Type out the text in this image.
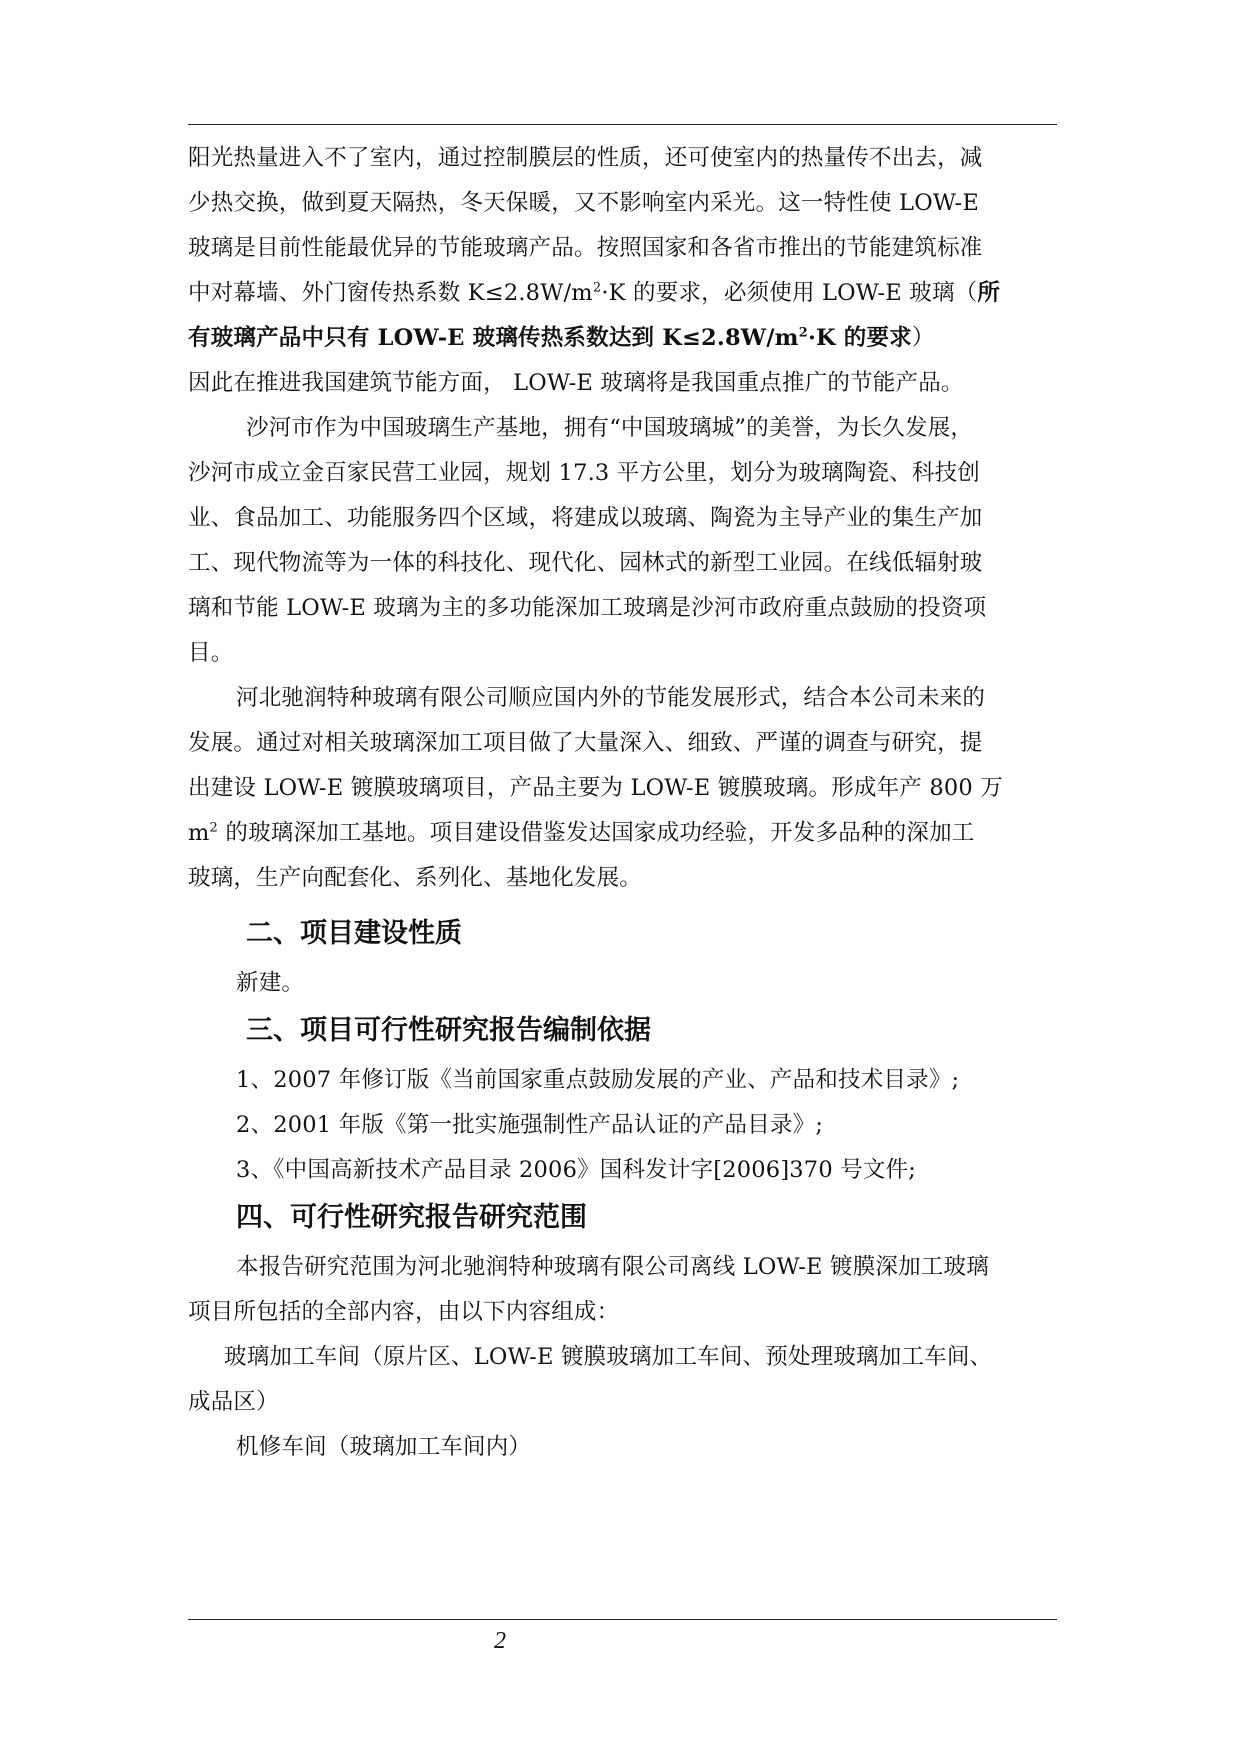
阳光热量进入不了室内，通过控制膜层的性质，还可使室内的热量传不出去，减
少热交换，做到夏天隔热，冬天保暖，又不影响室内采光。这一特性使 LOW-E
玻璃是目前性能最优异的节能玻璃产品。按照国家和各省市推出的节能建筑标准
中对幕墙、外门窗传热系数 $K\le 2.8W/m^2\cdot K$ 的要求，必须使用 LOW-E 玻璃（所
有玻璃产品中只有 LOW-E 玻璃传热系数达到 $K\le 2.8W/m^2\cdot K$ 的要求）
因此在推进我国建筑节能方面， LOW-E 玻璃将是我国重点推广的节能产品。
沙河市作为中国玻璃生产基地，拥有“中国玻璃城”的美誉，为长久发展，
沙河市成立金百家民营工业园，规划 17.3 平方公里，划分为玻璃陶瓷、科技创
业、食品加工、功能服务四个区域，将建成以玻璃、陶瓷为主导产业的集生产加
工、现代物流等为一体的科技化、现代化、园林式的新型工业园。在线低辐射玻
璃和节能 LOW-E 玻璃为主的多功能深加工玻璃是沙河市政府重点鼓励的投资项
目。
河北驰润特种玻璃有限公司顺应国内外的节能发展形式，结合本公司未来的
发展。通过对相关玻璃深加工项目做了大量深入、细致、严谨的调查与研究，提
出建设 LOW-E 镀膜玻璃项目，产品主要为 LOW-E 镀膜玻璃。形成年产 800 万
$m^2$ 的玻璃深加工基地。项目建设借鉴发达国家成功经验，开发多品种的深加工
玻璃，生产向配套化、系列化、基地化发展。
二、项目建设性质
新建。
三、项目可行性研究报告编制依据
1、2007 年修订版《当前国家重点鼓励发展的产业、产品和技术目录》;
2、2001 年版《第一批实施强制性产品认证的产品目录》;
3、《中国高新技术产品目录 2006》国科发计字[2006]370 号文件;
四、可行性研究报告研究范围
本报告研究范围为河北驰润特种玻璃有限公司离线 LOW-E 镀膜深加工玻璃
项目所包括的全部内容，由以下内容组成：
玻璃加工车间（原片区、LOW-E 镀膜玻璃加工车间、预处理玻璃加工车间、
成品区）
机修车间（玻璃加工车间内）
2
